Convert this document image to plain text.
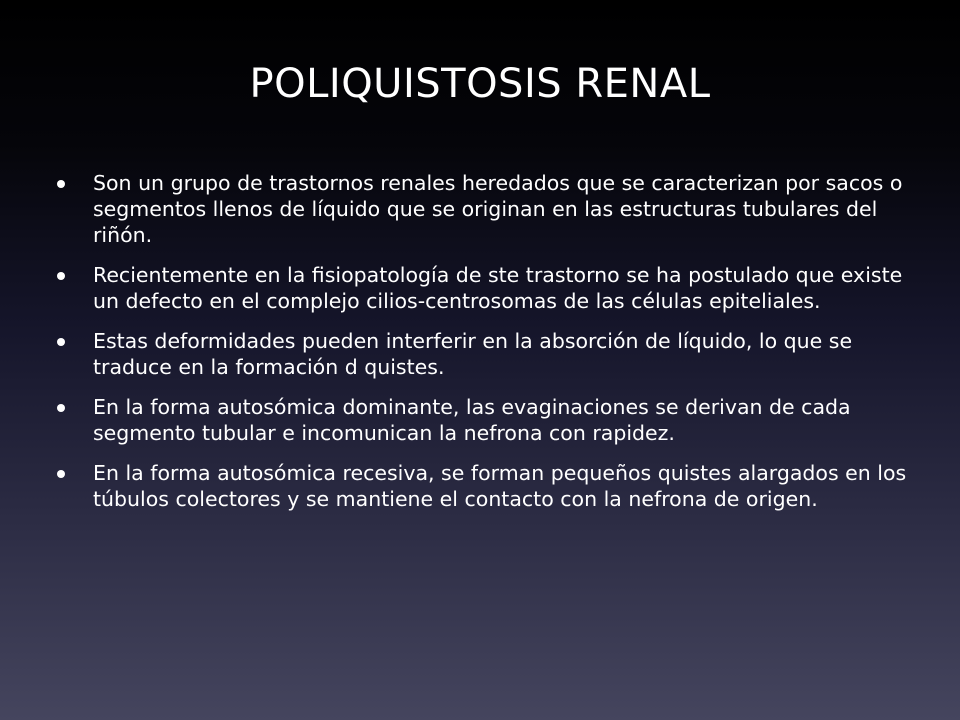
POLIQUISTOSIS RENAL
Son un grupo de trastornos renales heredados que se caracterizan por sacos o segmentos llenos de líquido que se originan en las estructuras tubulares del riñón.
Recientemente en la fisiopatología de ste trastorno se ha postulado que existe un defecto en el complejo cilios-centrosomas de las células epiteliales.
Estas deformidades pueden interferir en la absorción de líquido, lo que se traduce en la formación d quistes.
En la forma autosómica dominante, las evaginaciones se derivan de cada segmento tubular e incomunican la nefrona con rapidez.
En la forma autosómica recesiva, se forman pequeños quistes alargados en los túbulos colectores y se mantiene el contacto con la nefrona de origen.
